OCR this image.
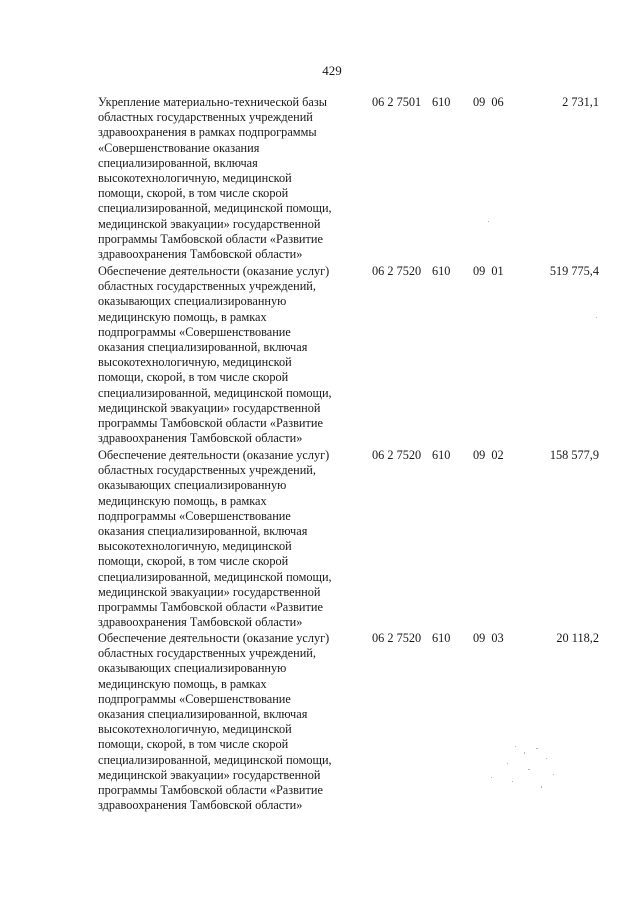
429
Укрепление материально-технической базы
областных государственных учреждений
здравоохранения в рамках подпрограммы
«Совершенствование оказания
специализированной, включая
высокотехнологичную, медицинской
помощи, скорой, в том числе скорой
специализированной, медицинской помощи,
медицинской эвакуации» государственной
программы Тамбовской области «Развитие
здравоохранения Тамбовской области»
06 2 7501 610 09 06	2 731,1
Обеспечение деятельности (оказание услуг)
областных государственных учреждений,
оказывающих специализированную
медицинскую помощь, в рамках
подпрограммы «Совершенствование
оказания специализированной, включая
высокотехнологичную, медицинской
помощи, скорой, в том числе скорой
специализированной, медицинской помощи,
медицинской эвакуации» государственной
программы Тамбовской области «Развитие
здравоохранения Тамбовской области»
06 2 7520 610 09 01	519 775,4
Обеспечение деятельности (оказание услуг)
областных государственных учреждений,
оказывающих специализированную
медицинскую помощь, в рамках
подпрограммы «Совершенствование
оказания специализированной, включая
высокотехнологичную, медицинской
помощи, скорой, в том числе скорой
специализированной, медицинской помощи,
медицинской эвакуации» государственной
программы Тамбовской области «Развитие
здравоохранения Тамбовской области»
06 2 7520 610 09 02	158 577,9
Обеспечение деятельности (оказание услуг)
областных государственных учреждений,
оказывающих специализированную
медицинскую помощь, в рамках
подпрограммы «Совершенствование
оказания специализированной, включая
высокотехнологичную, медицинской
помощи, скорой, в том числе скорой
специализированной, медицинской помощи,
медицинской эвакуации» государственной
программы Тамбовской области «Развитие
здравоохранения Тамбовской области»
06 2 7520 610 09 03	20 118,2
